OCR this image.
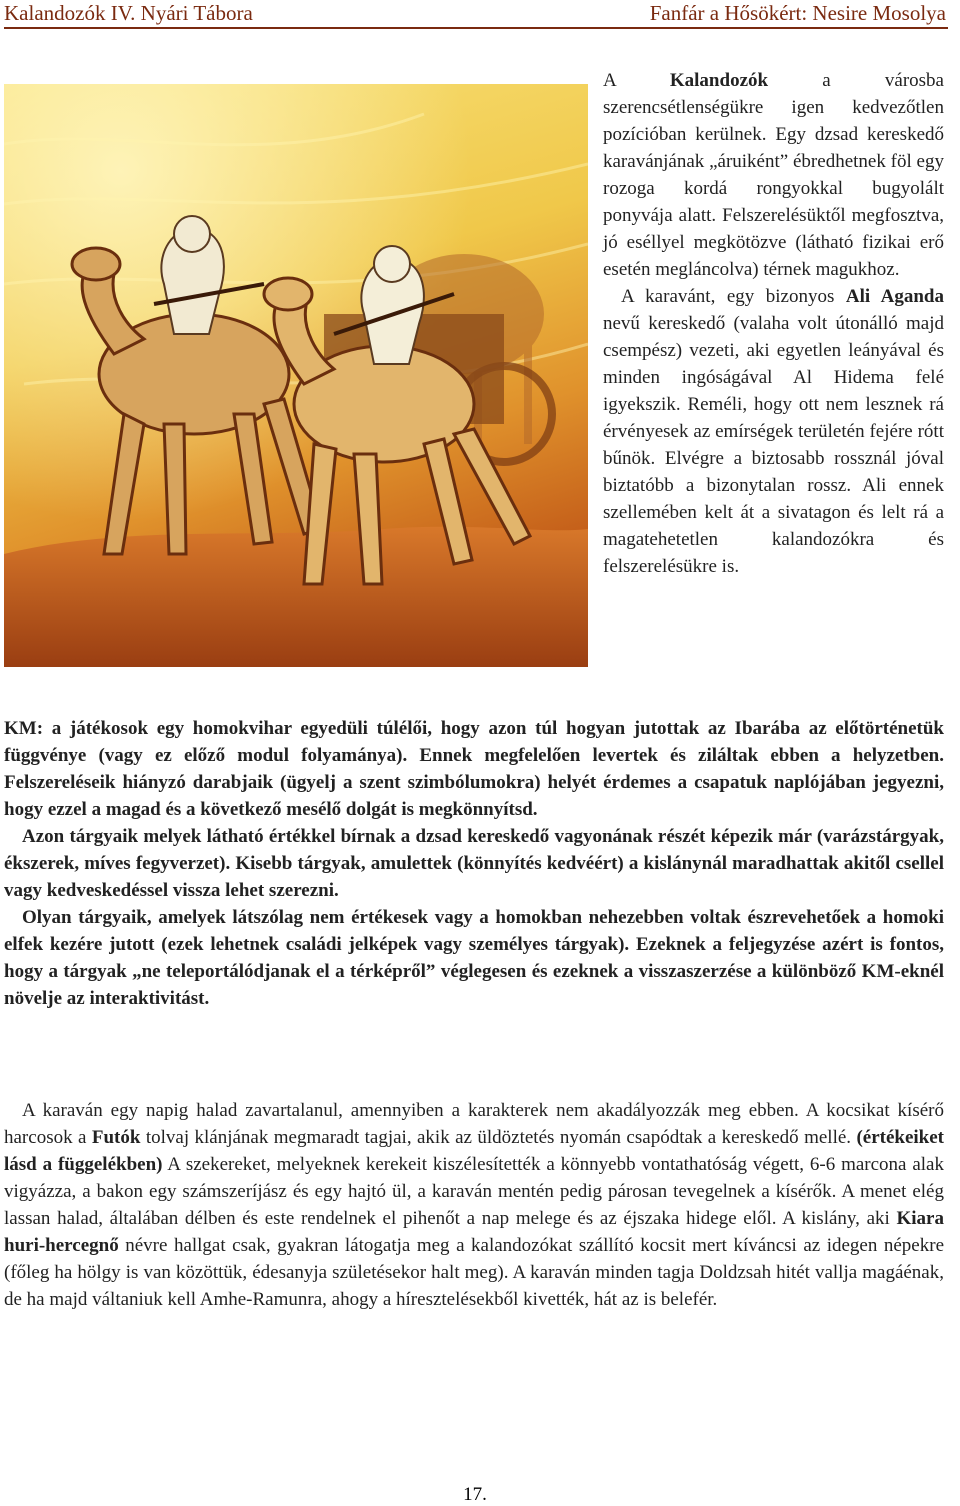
Kalandozók IV. Nyári Tábora	Fanfár a Hősökért: Nesire Mosolya

A Kalandozók a városba szerencsétlenségükre igen kedvezőtlen pozícióban kerülnek. Egy dzsad kereskedő karavánjának „áruiként” ébredhetnek föl egy rozoga kordá rongyokkal bugyolált ponyvája alatt. Felszerelésüktől megfosztva, jó eséllyel megkötözve (látható fizikai erő esetén megláncolva) térnek magukhoz.

A karavánt, egy bizonyos Ali Aganda nevű kereskedő (valaha volt útonálló majd csempész) vezeti, aki egyetlen leányával és minden ingóságával Al Hidema felé igyekszik. Reméli, hogy ott nem lesznek rá érvényesek az emírségek területén fejére rótt bűnök. Elvégre a biztosabb rossznál jóval biztatóbb a bizonytalan rossz. Ali ennek szellemében kelt át a sivatagon és lelt rá a magatehetetlen kalandozókra és felszerelésükre is.

KM: a játékosok egy homokvihar egyedüli túlélői, hogy azon túl hogyan jutottak az Ibarába az előtörténetük függvénye (vagy ez előző modul folyamánya). Ennek megfelelően levertek és ziláltak ebben a helyzetben. Felszereléseik hiányzó darabjaik (ügyelj a szent szimbólumokra) helyét érdemes a csapatuk naplójában jegyezni, hogy ezzel a magad és a következő mesélő dolgát is megkönnyítsd.

Azon tárgyaik melyek látható értékkel bírnak a dzsad kereskedő vagyonának részét képezik már (varázstárgyak, ékszerek, míves fegyverzet). Kisebb tárgyak, amulettek (könnyítés kedvéért) a kislánynál maradhattak akitől csellel vagy kedveskedéssel vissza lehet szerezni.

Olyan tárgyaik, amelyek látszólag nem értékesek vagy a homokban nehezebben voltak észrevehetőek a homoki elfek kezére jutott (ezek lehetnek családi jelképek vagy személyes tárgyak). Ezeknek a feljegyzése azért is fontos, hogy a tárgyak „ne teleportálódjanak el a térképről” véglegesen és ezeknek a visszaszerzése a különböző KM-eknél növelje az interaktivitást.

A karaván egy napig halad zavartalanul, amennyiben a karakterek nem akadályozzák meg ebben. A kocsikat kísérő harcosok a Futók tolvaj klánjának megmaradt tagjai, akik az üldöztetés nyomán csapódtak a kereskedő mellé. (értékeiket lásd a függelékben) A szekereket, melyeknek kerekeit kiszélesítették a könnyebb vontathatóság végett, 6-6 marcona alak vigyázza, a bakon egy számszeríjász és egy hajtó ül, a karaván mentén pedig párosan tevegelnek a kísérők. A menet elég lassan halad, általában délben és este rendelnek el pihenőt a nap melege és az éjszaka hidege elől. A kislány, aki Kiara huri-hercegnő névre hallgat csak, gyakran látogatja meg a kalandozókat szállító kocsit mert kíváncsi az idegen népekre (főleg ha hölgy is van közöttük, édesanyja születésekor halt meg). A karaván minden tagja Doldzsah hitét vallja magáénak, de ha majd váltaniuk kell Amhe-Ramunra, ahogy a híresztelésekből kivették, hát az is belefér.

17.
